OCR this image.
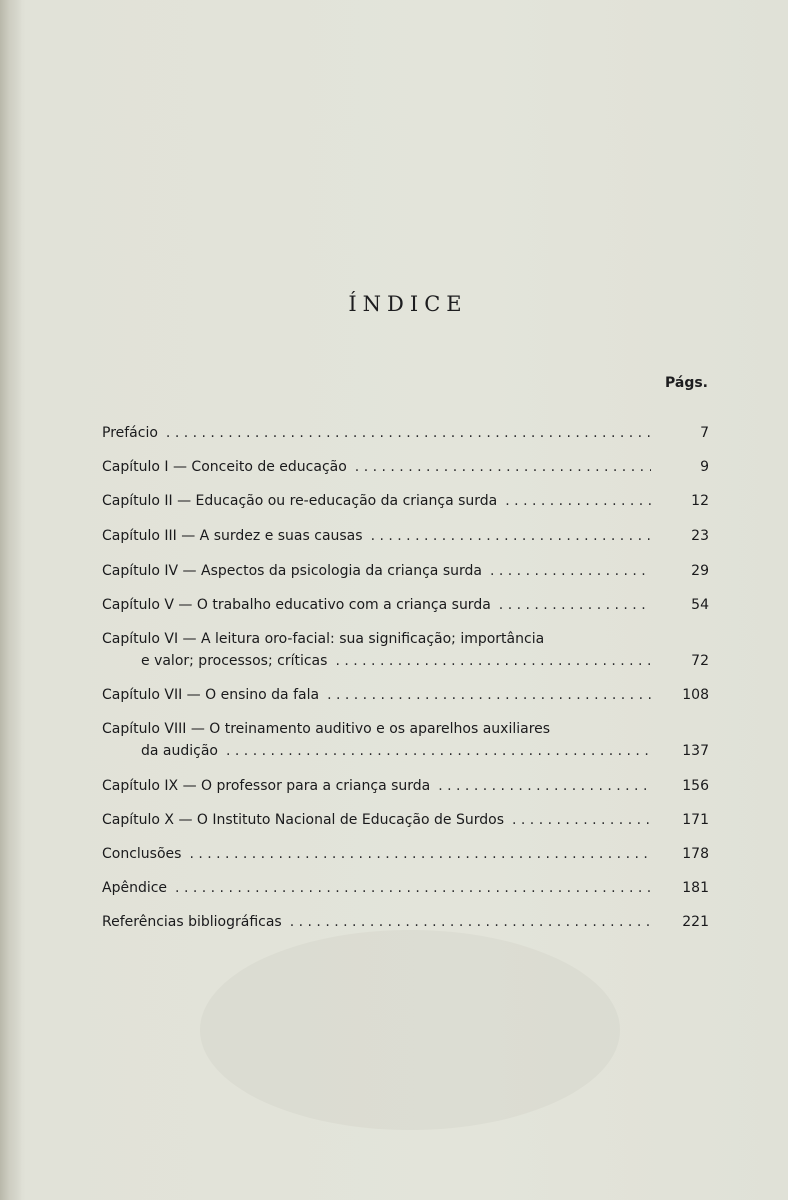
ÍNDICE
Págs.
Prefácio . . .	7
Capítulo I — Conceito de educação . . .	9
Capítulo II — Educação ou re-educação da criança surda . . .	12
Capítulo III — A surdez e suas causas . . .	23
Capítulo IV — Aspectos da psicologia da criança surda . . .	29
Capítulo V — O trabalho educativo com a criança surda . . .	54
Capítulo VI — A leitura oro-facial: sua significação; importância
e valor; processos; críticas . . .	72
Capítulo VII — O ensino da fala . . .	108
Capítulo VIII — O treinamento auditivo e os aparelhos auxiliares
da audição . . .	137
Capítulo IX — O professor para a criança surda . . .	156
Capítulo X — O Instituto Nacional de Educação de Surdos . . .	171
Conclusões . . .	178
Apêndice . . .	181
Referências bibliográficas . . .	221
